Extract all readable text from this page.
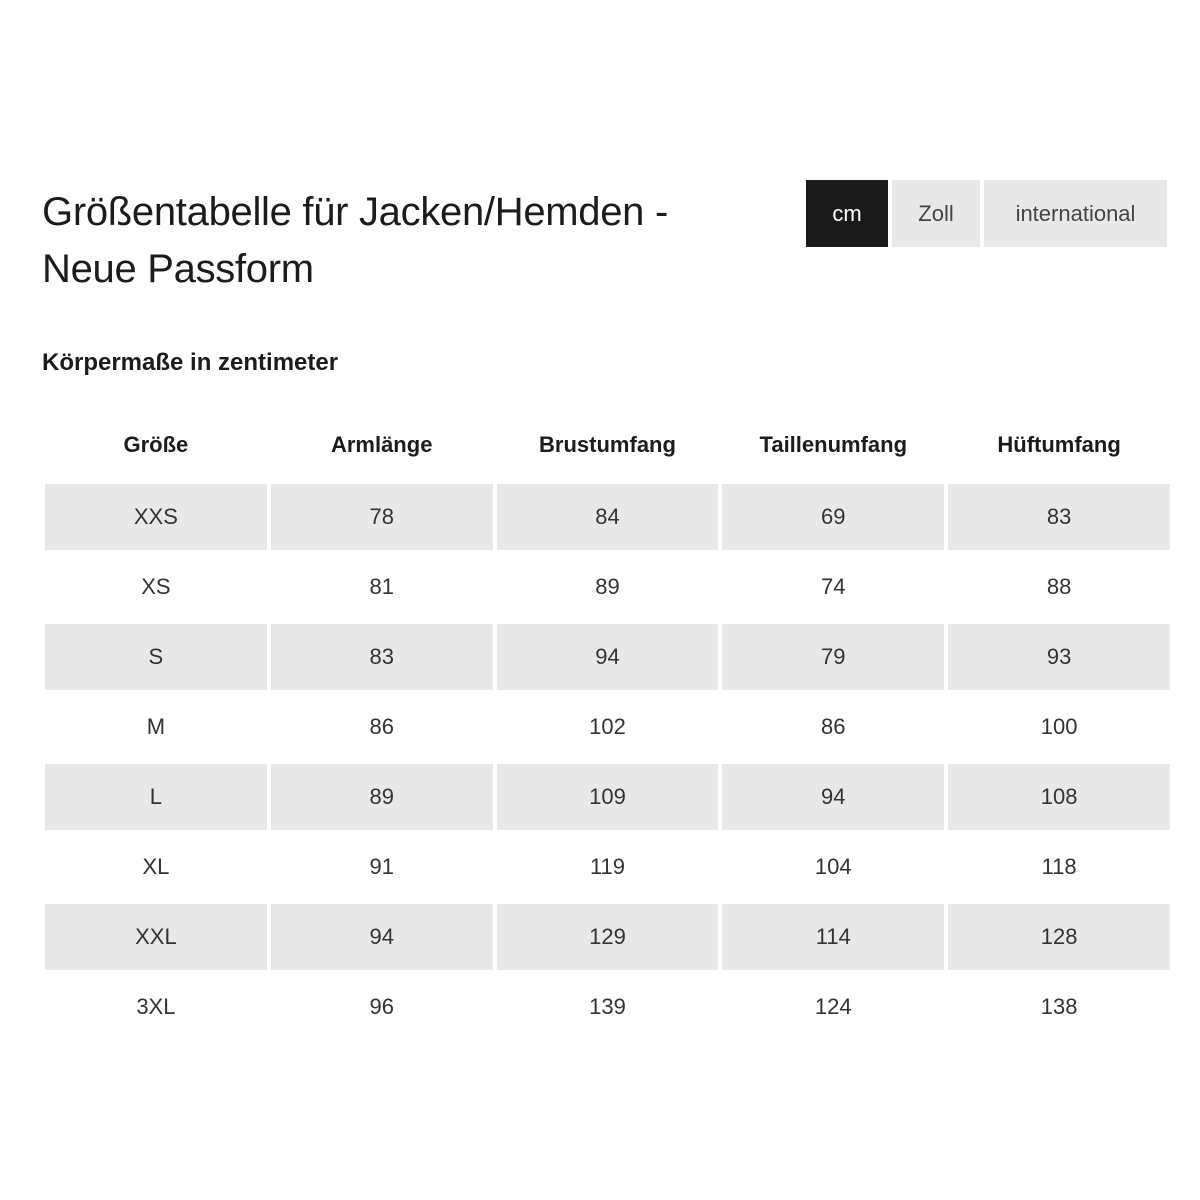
Größentabelle für Jacken/Hemden -
Neue Passform
cm	Zoll	international
Körpermaße in zentimeter
Größe	Armlänge	Brustumfang	Taillenumfang	Hüftumfang
XXS	78	84	69	83
XS	81	89	74	88
S	83	94	79	93
M	86	102	86	100
L	89	109	94	108
XL	91	119	104	118
XXL	94	129	114	128
3XL	96	139	124	138
